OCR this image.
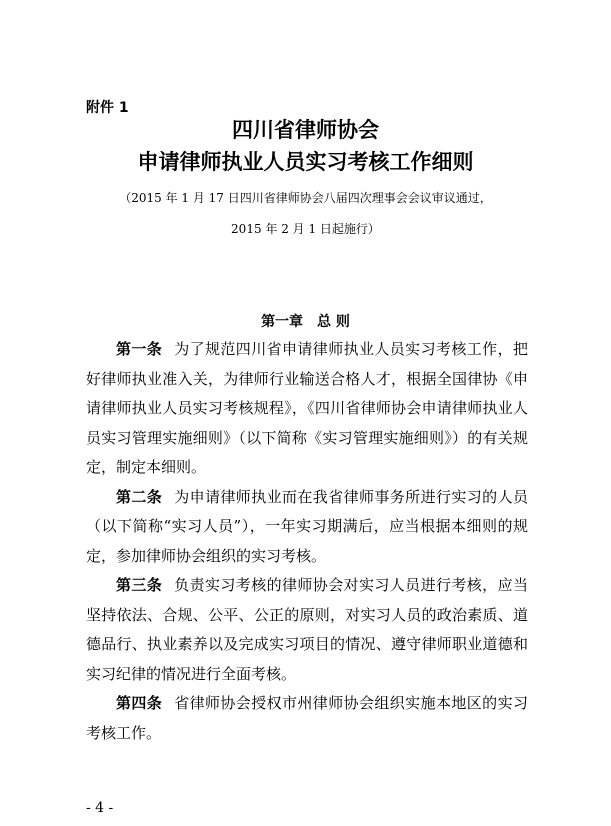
附件 1
四川省律师协会
申请律师执业人员实习考核工作细则
（2015 年 1 月 17 日四川省律师协会八届四次理事会会议审议通过，
2015 年 2 月 1 日起施行）
第一章　总 则

第一条 为了规范四川省申请律师执业人员实习考核工作，把好律师执业准入关，为律师行业输送合格人才，根据全国律协《申请律师执业人员实习考核规程》，《四川省律师协会申请律师执业人员实习管理实施细则》（以下简称《实习管理实施细则》）的有关规定，制定本细则。

第二条 为申请律师执业而在我省律师事务所进行实习的人员（以下简称“实习人员”），一年实习期满后，应当根据本细则的规定，参加律师协会组织的实习考核。

第三条 负责实习考核的律师协会对实习人员进行考核，应当坚持依法、合规、公平、公正的原则，对实习人员的政治素质、道德品行、执业素养以及完成实习项目的情况、遵守律师职业道德和实习纪律的情况进行全面考核。

第四条 省律师协会授权市州律师协会组织实施本地区的实习考核工作。

- 4 -
